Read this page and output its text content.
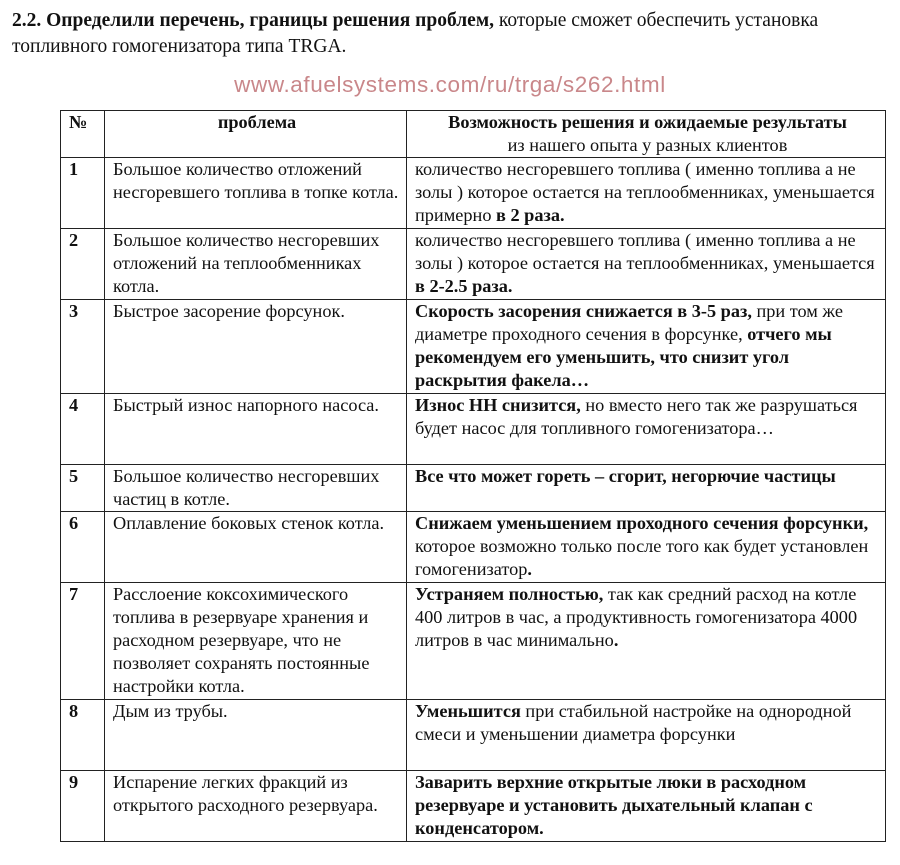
2.2. Определили перечень, границы решения проблем, которые сможет обеспечить установка топливного гомогенизатора типа TRGA.
www.afuelsystems.com/ru/trga/s262.html
№	проблема	Возможность решения и ожидаемые результаты
из нашего опыта у разных клиентов

1	Большое количество отложений несгоревшего топлива в топке котла.	количество несгоревшего топлива ( именно топлива а не золы ) которое остается на теплообменниках, уменьшается примерно в 2 раза.
2	Большое количество несгоревших отложений на теплообменниках котла.	количество несгоревшего топлива ( именно топлива а не золы ) которое остается на теплообменниках, уменьшается в 2-2.5 раза.
3	Быстрое засорение форсунок.	Скорость засорения снижается в 3-5 раз, при том же диаметре проходного сечения в форсунке, отчего мы рекомендуем его уменьшить, что снизит угол раскрытия факела…
4	Быстрый износ напорного насоса.	Износ НН снизится, но вместо него так же разрушаться будет насос для топливного гомогенизатора…
5	Большое количество несгоревших частиц в котле.	Все что может гореть – сгорит, негорючие частицы
6	Оплавление боковых стенок котла.	Снижаем уменьшением проходного сечения форсунки, которое возможно только после того как будет установлен гомогенизатор.
7	Расслоение коксохимического топлива в резервуаре хранения и расходном резервуаре, что не позволяет сохранять постоянные настройки котла.	Устраняем полностью, так как средний расход на котле 400 литров в час, а продуктивность гомогенизатора 4000 литров в час минимально.
8	Дым из трубы.	Уменьшится при стабильной настройке на однородной смеси и уменьшении диаметра форсунки
9	Испарение легких фракций из открытого расходного резервуара.	Заварить верхние открытые люки в расходном резервуаре и установить дыхательный клапан с конденсатором.
